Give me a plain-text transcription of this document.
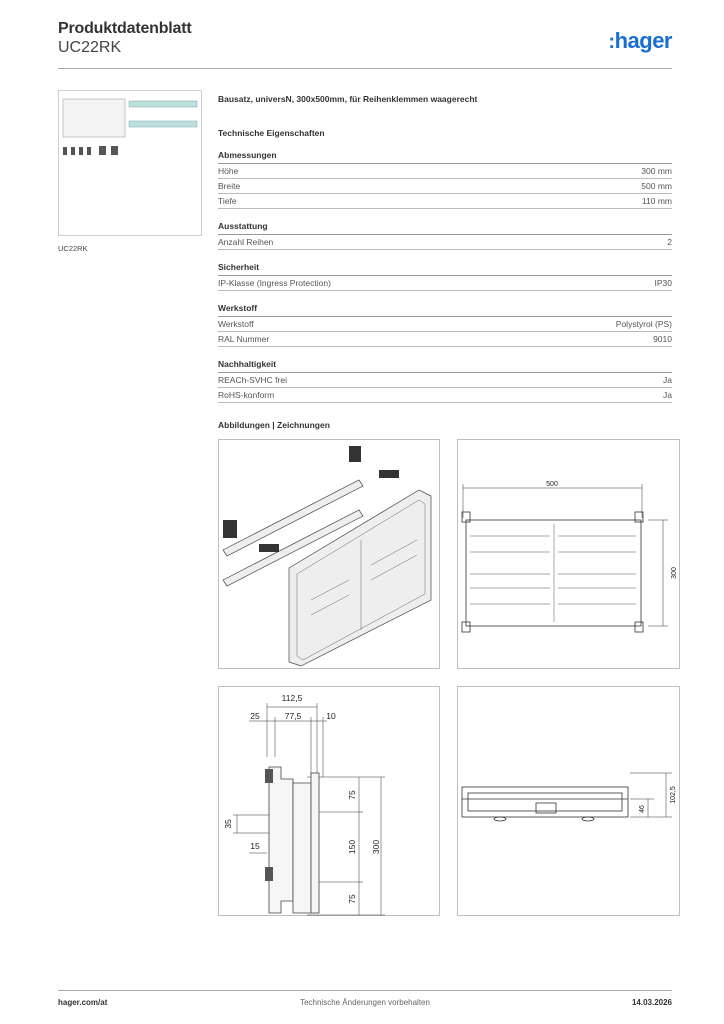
Produktdatenblatt
UC22RK	:hager
UC22RK
Bausatz, universN, 300x500mm, für Reihenklemmen waagerecht
Technische Eigenschaften
Abmessungen
Höhe	300 mm
Breite	500 mm
Tiefe	110 mm
Ausstattung
Anzahl Reihen	2
Sicherheit
IP-Klasse (Ingress Protection)	IP30
Werkstoff
Werkstoff	Polystyrol (PS)
RAL Nummer	9010
Nachhaltigkeit
REACh-SVHC frei	Ja
RoHS-konform	Ja
Abbildungen | Zeichnungen
500
300
112,5
25	77,5	10
75
150
75
300
35
15
46
102,5
Technische Änderungen vorbehalten
hager.com/at	14.03.2026
